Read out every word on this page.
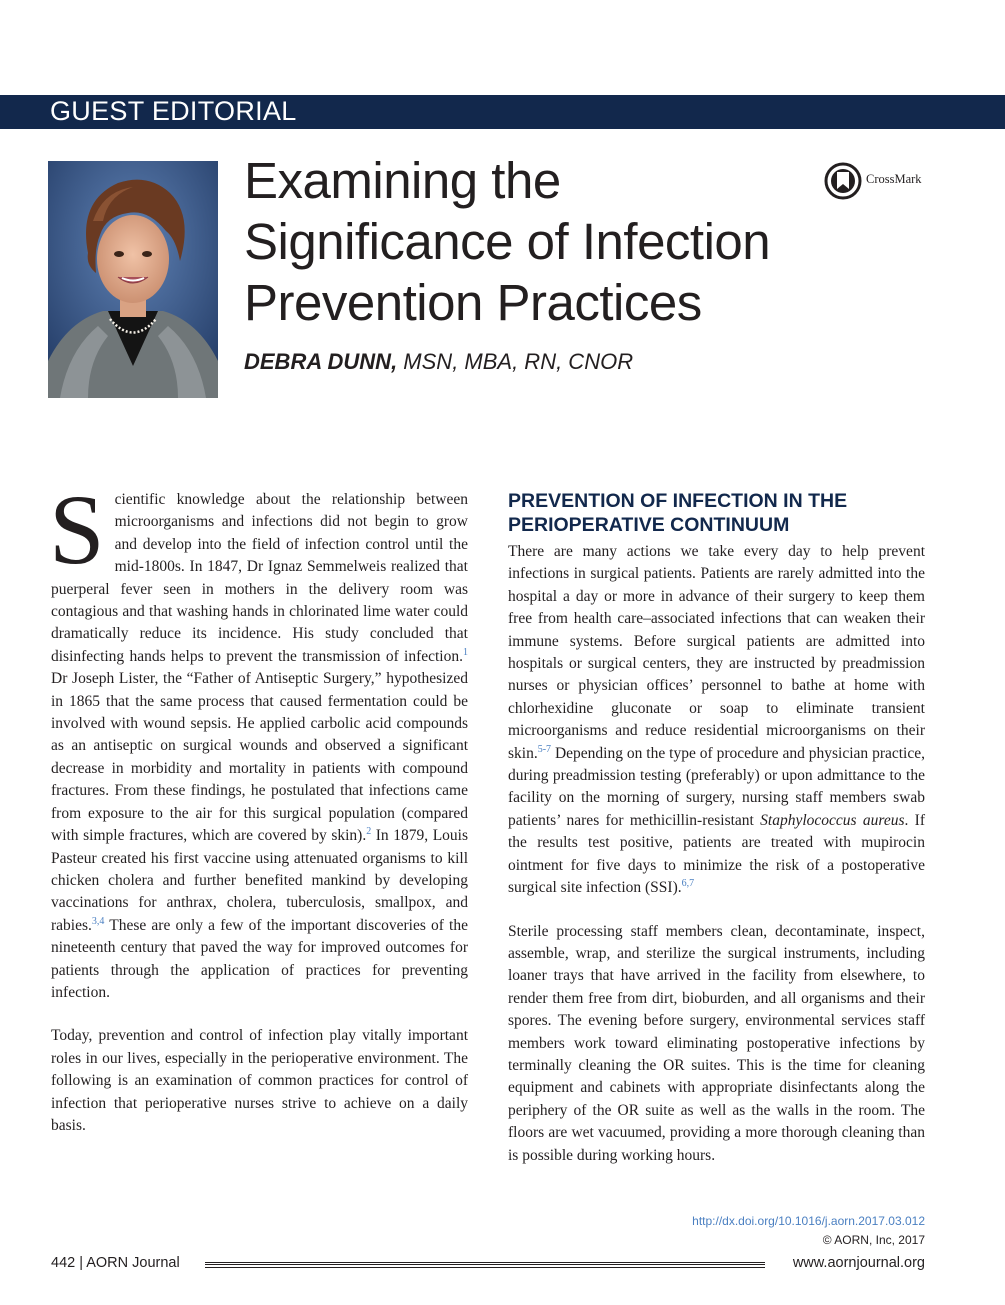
GUEST EDITORIAL
Examining the
Significance of Infection
Prevention Practices
DEBRA DUNN, MSN, MBA, RN, CNOR
CrossMark

Scientific knowledge about the relationship between microorganisms and infections did not begin to grow and develop into the field of infection control until the mid-1800s. In 1847, Dr Ignaz Semmelweis realized that puerperal fever seen in mothers in the delivery room was contagious and that washing hands in chlorinated lime water could dramatically reduce its incidence. His study concluded that disinfecting hands helps to prevent the transmission of infection.$^1$ Dr Joseph Lister, the “Father of Antiseptic Surgery,” hypothesized in 1865 that the same process that caused fermentation could be involved with wound sepsis. He applied carbolic acid compounds as an antiseptic on surgical wounds and observed a significant decrease in morbidity and mortality in patients with compound fractures. From these findings, he postulated that infections came from exposure to the air for this surgical population (compared with simple fractures, which are covered by skin).$^2$ In 1879, Louis Pasteur created his first vaccine using attenuated organisms to kill chicken cholera and further benefited mankind by developing vaccinations for anthrax, cholera, tuberculosis, smallpox, and rabies.$^{3,4}$ These are only a few of the important discoveries of the nineteenth century that paved the way for improved outcomes for patients through the application of practices for preventing infection.

Today, prevention and control of infection play vitally important roles in our lives, especially in the perioperative environment. The following is an examination of common practices for control of infection that perioperative nurses strive to achieve on a daily basis.

PREVENTION OF INFECTION IN THE
PERIOPERATIVE CONTINUUM

There are many actions we take every day to help prevent infections in surgical patients. Patients are rarely admitted into the hospital a day or more in advance of their surgery to keep them free from health care–associated infections that can weaken their immune systems. Before surgical patients are admitted into hospitals or surgical centers, they are instructed by preadmission nurses or physician offices’ personnel to bathe at home with chlorhexidine gluconate or soap to eliminate transient microorganisms and reduce residential microorganisms on their skin.$^{5-7}$ Depending on the type of procedure and physician practice, during preadmission testing (preferably) or upon admittance to the facility on the morning of surgery, nursing staff members swab patients’ nares for methicillin-resistant Staphylococcus aureus. If the results test positive, patients are treated with mupirocin ointment for five days to minimize the risk of a postoperative surgical site infection (SSI).$^{6,7}$

Sterile processing staff members clean, decontaminate, inspect, assemble, wrap, and sterilize the surgical instruments, including loaner trays that have arrived in the facility from elsewhere, to render them free from dirt, bioburden, and all organisms and their spores. The evening before surgery, environmental services staff members work toward eliminating postoperative infections by terminally cleaning the OR suites. This is the time for cleaning equipment and cabinets with appropriate disinfectants along the periphery of the OR suite as well as the walls in the room. The floors are wet vacuumed, providing a more thorough cleaning than is possible during working hours.

http://dx.doi.org/10.1016/j.aorn.2017.03.012
© AORN, Inc, 2017
442 | AORN Journal	www.aornjournal.org
